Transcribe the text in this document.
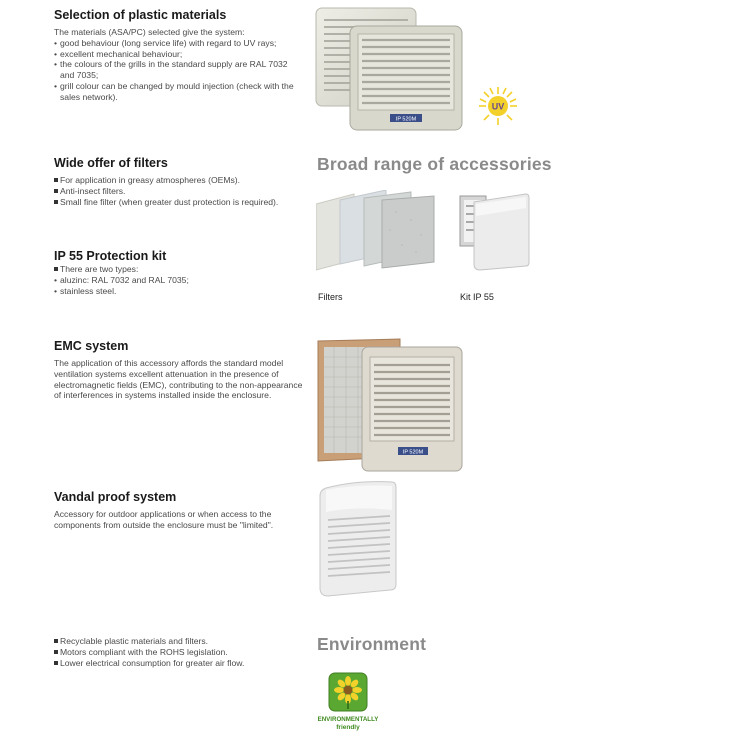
Selection of plastic materials

The materials (ASA/PC) selected give the system:

• good behaviour (long service life) with regard to UV rays;
• excellent mechanical behaviour;
• the colours of the grills in the standard supply are RAL 7032 and 7035;
• grill colour can be changed by mould injection (check with the sales network).
Wide offer of filters
For application in greasy atmospheres (OEMs).
Anti-insect filters.
Small fine filter (when greater dust protection is required).
IP 55 Protection kit
There are two types:
• aluzinc: RAL 7032 and RAL 7035;
• stainless steel.
EMC system

The application of this accessory affords the standard model ventilation systems excellent attenuation in the presence of electromagnetic fields (EMC), contributing to the non-appearance of interferences in systems installed inside the enclosure.

Vandal proof system

Accessory for outdoor applications or when access to the components from outside the enclosure must be "limited".

Recyclable plastic materials and filters.
Motors compliant with the ROHS legislation.
Lower electrical consumption for greater air flow.
IP 520M
UV
Broad range of accessories
Filters	Kit IP 55
IP 520M
Environment
ENVIRONMENTALLY
friendly
